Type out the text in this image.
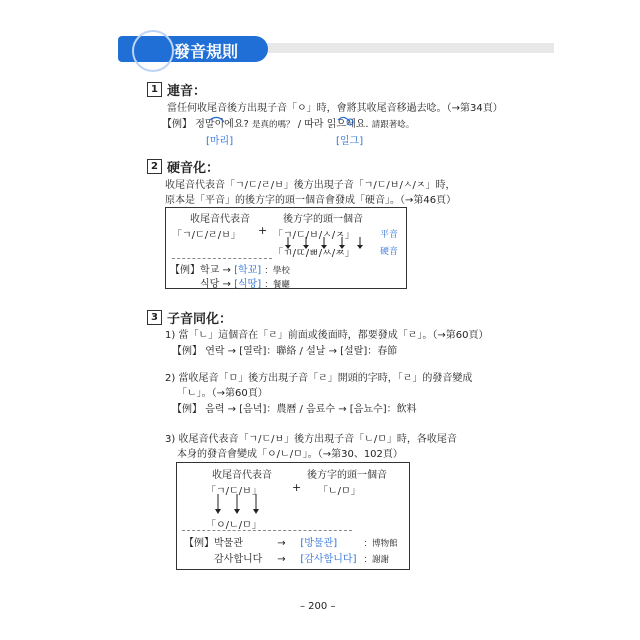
發音規則
1 連音：
當任何收尾音後方出現子音「ㅇ」時，會將其收尾音移過去唸。（→第34頁）
【例】 정말이에요? 是真的嗎？ / 따라 읽으세요. 請跟著唸。
[마리]	[일그]
2 硬音化：
收尾音代表音「ㄱ/ㄷ/ㄹ/ㅂ」後方出現子音「ㄱ/ㄷ/ㅂ/ㅅ/ㅈ」時，
原本是「平音」的後方字的頭一個音會發成「硬音」。（→第46頁）
收尾音代表音	後方字的頭一個音
「ㄱ/ㄷ/ㄹ/ㅂ」 + 「ㄱ/ㄷ/ㅂ/ㅅ/ㅈ」	平音
「ㄲ/ㄸ/ㅃ/ㅆ/ㅉ」	硬音
【例】 학교 → [학꾜] ：學校
식당 → [식땅] ：餐廳
3 子音同化：
1) 當「ㄴ」這個音在「ㄹ」前面或後面時，都要發成「ㄹ」。（→第60頁）
【例】 연락 → [열락]：聯絡 / 설날 → [설랄]：春節
2) 當收尾音「ㅁ」後方出現子音「ㄹ」開頭的字時，「ㄹ」的發音變成
「ㄴ」。（→第60頁）
【例】 음력 → [음녁]：農曆 / 음료수 → [음뇨수]：飲料
3) 收尾音代表音「ㄱ/ㄷ/ㅂ」後方出現子音「ㄴ/ㅁ」時，各收尾音
本身的發音會變成「ㅇ/ㄴ/ㅁ」。（→第30、102頁）
收尾音代表音	後方字的頭一個音
「ㄱ/ㄷ/ㅂ」	+ 「ㄴ/ㅁ」
「ㅇ/ㄴ/ㅁ」
【例】 박물관	→ [방물관]	：博物館
감사합니다 → [감사함니다] ：謝謝
– 200 –
